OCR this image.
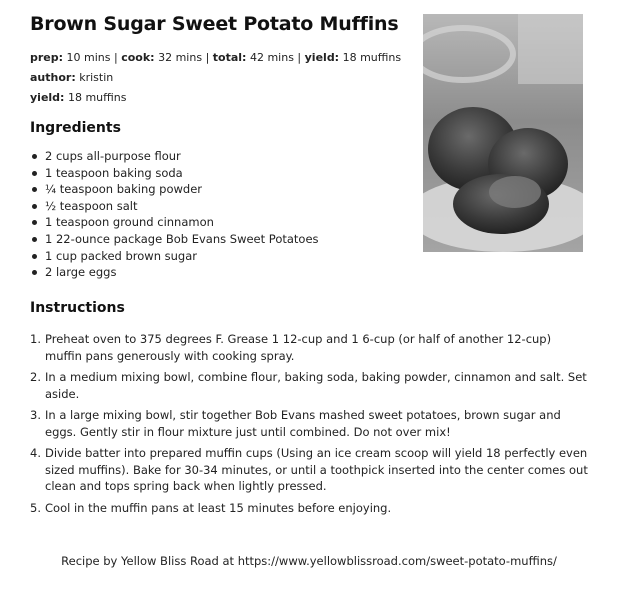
Brown Sugar Sweet Potato Muffins
prep: 10 mins | cook: 32 mins | total: 42 mins | yield: 18 muffins
author: kristin
yield: 18 muffins
Ingredients
2 cups all-purpose flour
1 teaspoon baking soda
¼ teaspoon baking powder
½ teaspoon salt
1 teaspoon ground cinnamon
1 22-ounce package Bob Evans Sweet Potatoes
1 cup packed brown sugar
2 large eggs
Instructions
1. Preheat oven to 375 degrees F. Grease 1 12-cup and 1 6-cup (or half of another 12-cup) muffin pans generously with cooking spray.
2. In a medium mixing bowl, combine flour, baking soda, baking powder, cinnamon and salt. Set aside.
3. In a large mixing bowl, stir together Bob Evans mashed sweet potatoes, brown sugar and eggs. Gently stir in flour mixture just until combined. Do not over mix!
4. Divide batter into prepared muffin cups (Using an ice cream scoop will yield 18 perfectly even sized muffins). Bake for 30-34 minutes, or until a toothpick inserted into the center comes out clean and tops spring back when lightly pressed.
5. Cool in the muffin pans at least 15 minutes before enjoying.
Recipe by Yellow Bliss Road at https://www.yellowblissroad.com/sweet-potato-muffins/
